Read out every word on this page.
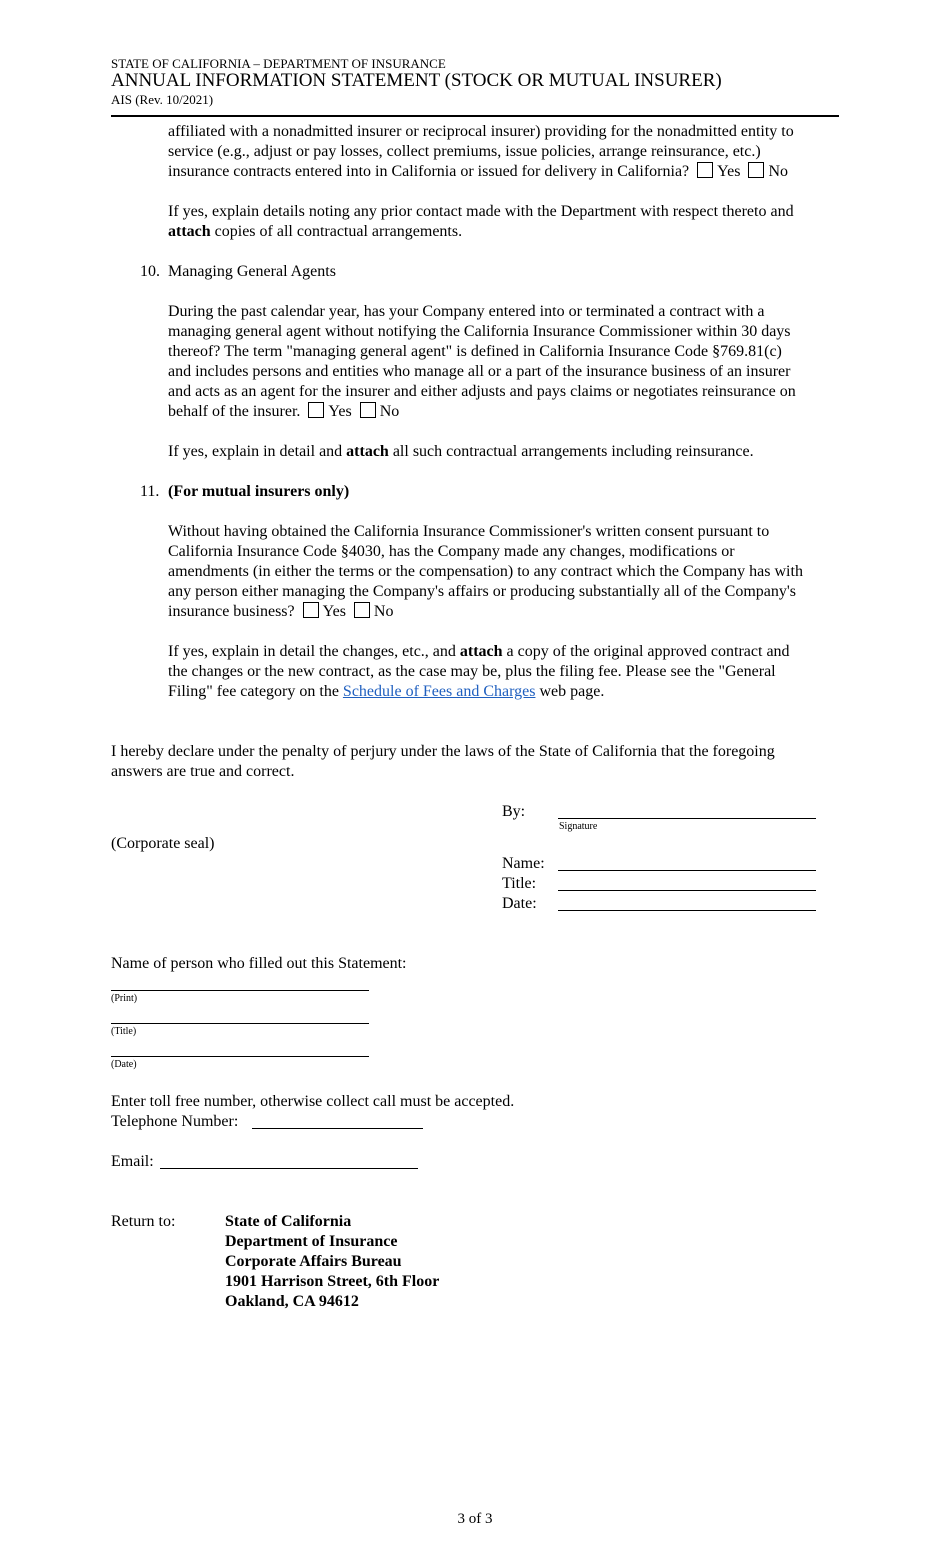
STATE OF CALIFORNIA – DEPARTMENT OF INSURANCE
ANNUAL INFORMATION STATEMENT (STOCK OR MUTUAL INSURER)
AIS (Rev. 10/2021)
affiliated with a nonadmitted insurer or reciprocal insurer) providing for the nonadmitted entity to
service (e.g., adjust or pay losses, collect premiums, issue policies, arrange reinsurance, etc.)
insurance contracts entered into in California or issued for delivery in California? Yes No
If yes, explain details noting any prior contact made with the Department with respect thereto and
attach copies of all contractual arrangements.
10. Managing General Agents
During the past calendar year, has your Company entered into or terminated a contract with a
managing general agent without notifying the California Insurance Commissioner within 30 days
thereof? The term "managing general agent" is defined in California Insurance Code §769.81(c)
and includes persons and entities who manage all or a part of the insurance business of an insurer
and acts as an agent for the insurer and either adjusts and pays claims or negotiates reinsurance on
behalf of the insurer. Yes No
If yes, explain in detail and attach all such contractual arrangements including reinsurance.
11. (For mutual insurers only)
Without having obtained the California Insurance Commissioner's written consent pursuant to
California Insurance Code §4030, has the Company made any changes, modifications or
amendments (in either the terms or the compensation) to any contract which the Company has with
any person either managing the Company's affairs or producing substantially all of the Company's
insurance business? Yes No
If yes, explain in detail the changes, etc., and attach a copy of the original approved contract and
the changes or the new contract, as the case may be, plus the filing fee. Please see the "General
Filing" fee category on the Schedule of Fees and Charges web page.
I hereby declare under the penalty of perjury under the laws of the State of California that the foregoing
answers are true and correct.
By:
Signature
(Corporate seal)
Name:
Title:
Date:
Name of person who filled out this Statement:
(Print)
(Title)
(Date)
Enter toll free number, otherwise collect call must be accepted.
Telephone Number:
Email:
Return to:	State of California
Department of Insurance
Corporate Affairs Bureau
1901 Harrison Street, 6th Floor
Oakland, CA 94612
3 of 3
